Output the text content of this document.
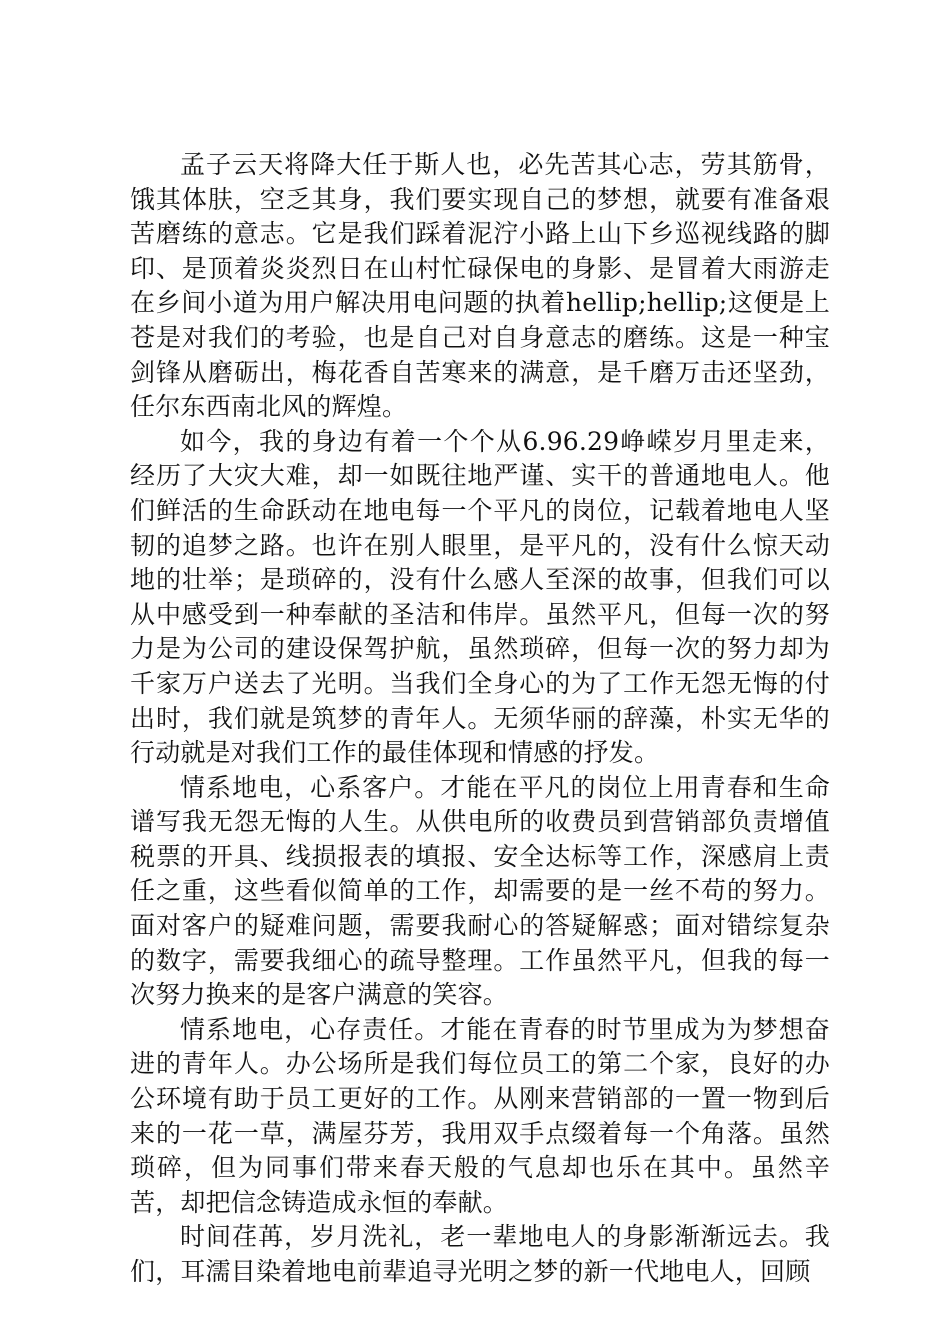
孟子云天将降大任于斯人也，必先苦其心志，劳其筋骨，饿其体肤，空乏其身，我们要实现自己的梦想，就要有准备艰苦磨练的意志。它是我们踩着泥泞小路上山下乡巡视线路的脚印、是顶着炎炎烈日在山村忙碌保电的身影、是冒着大雨游走在乡间小道为用户解决用电问题的执着hellip;hellip;这便是上苍是对我们的考验，也是自己对自身意志的磨练。这是一种宝剑锋从磨砺出，梅花香自苦寒来的满意，是千磨万击还坚劲，任尔东西南北风的辉煌。

如今，我的身边有着一个个从6.96.29峥嵘岁月里走来，经历了大灾大难，却一如既往地严谨、实干的普通地电人。他们鲜活的生命跃动在地电每一个平凡的岗位，记载着地电人坚韧的追梦之路。也许在别人眼里，是平凡的，没有什么惊天动地的壮举；是琐碎的，没有什么感人至深的故事，但我们可以从中感受到一种奉献的圣洁和伟岸。虽然平凡，但每一次的努力是为公司的建设保驾护航，虽然琐碎，但每一次的努力却为千家万户送去了光明。当我们全身心的为了工作无怨无悔的付出时，我们就是筑梦的青年人。无须华丽的辞藻，朴实无华的行动就是对我们工作的最佳体现和情感的抒发。

情系地电，心系客户。才能在平凡的岗位上用青春和生命谱写我无怨无悔的人生。从供电所的收费员到营销部负责增值税票的开具、线损报表的填报、安全达标等工作，深感肩上责任之重，这些看似简单的工作，却需要的是一丝不苟的努力。面对客户的疑难问题，需要我耐心的答疑解惑；面对错综复杂的数字，需要我细心的疏导整理。工作虽然平凡，但我的每一次努力换来的是客户满意的笑容。

情系地电，心存责任。才能在青春的时节里成为为梦想奋进的青年人。办公场所是我们每位员工的第二个家，良好的办公环境有助于员工更好的工作。从刚来营销部的一置一物到后来的一花一草，满屋芬芳，我用双手点缀着每一个角落。虽然琐碎，但为同事们带来春天般的气息却也乐在其中。虽然辛苦，却把信念铸造成永恒的奉献。

时间荏苒，岁月洗礼，老一辈地电人的身影渐渐远去。我们，耳濡目染着地电前辈追寻光明之梦的新一代地电人，回顾
